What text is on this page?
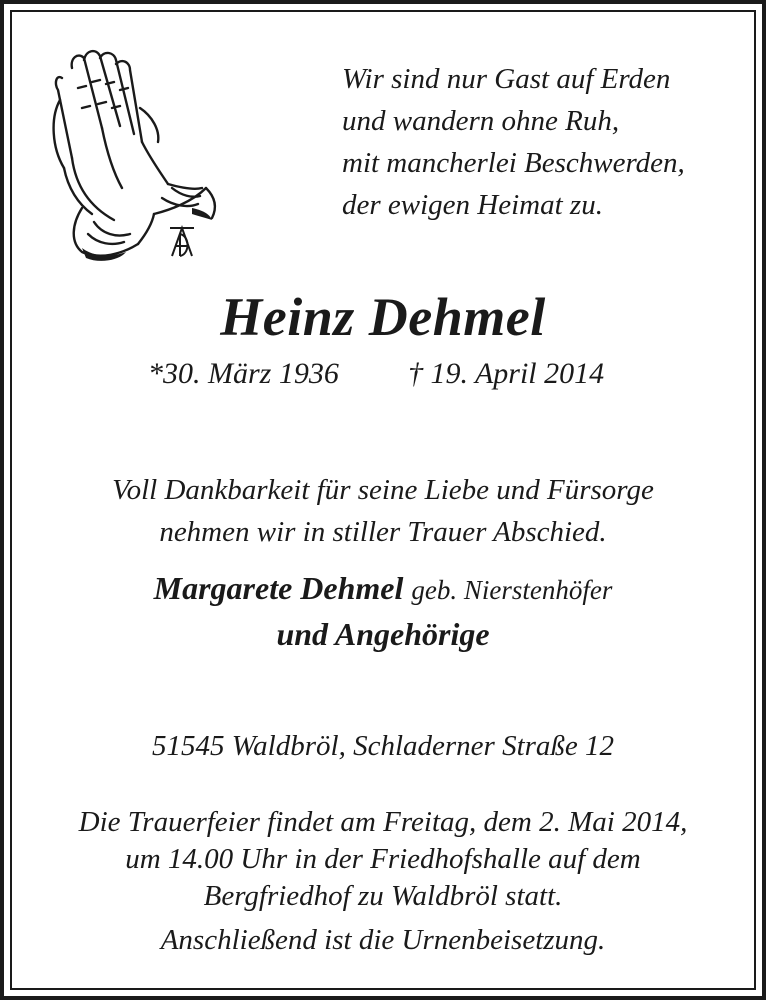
Wir sind nur Gast auf Erden
und wandern ohne Ruh,
mit mancherlei Beschwerden,
der ewigen Heimat zu.
Heinz Dehmel
*30. März 1936 † 19. April 2014
Voll Dankbarkeit für seine Liebe und Fürsorge
nehmen wir in stiller Trauer Abschied.
Margarete Dehmel geb. Nierstenhöfer
und Angehörige
51545 Waldbröl, Schladerner Straße 12
Die Trauerfeier findet am Freitag, dem 2. Mai 2014,
um 14.00 Uhr in der Friedhofshalle auf dem
Bergfriedhof zu Waldbröl statt.
Anschließend ist die Urnenbeisetzung.
